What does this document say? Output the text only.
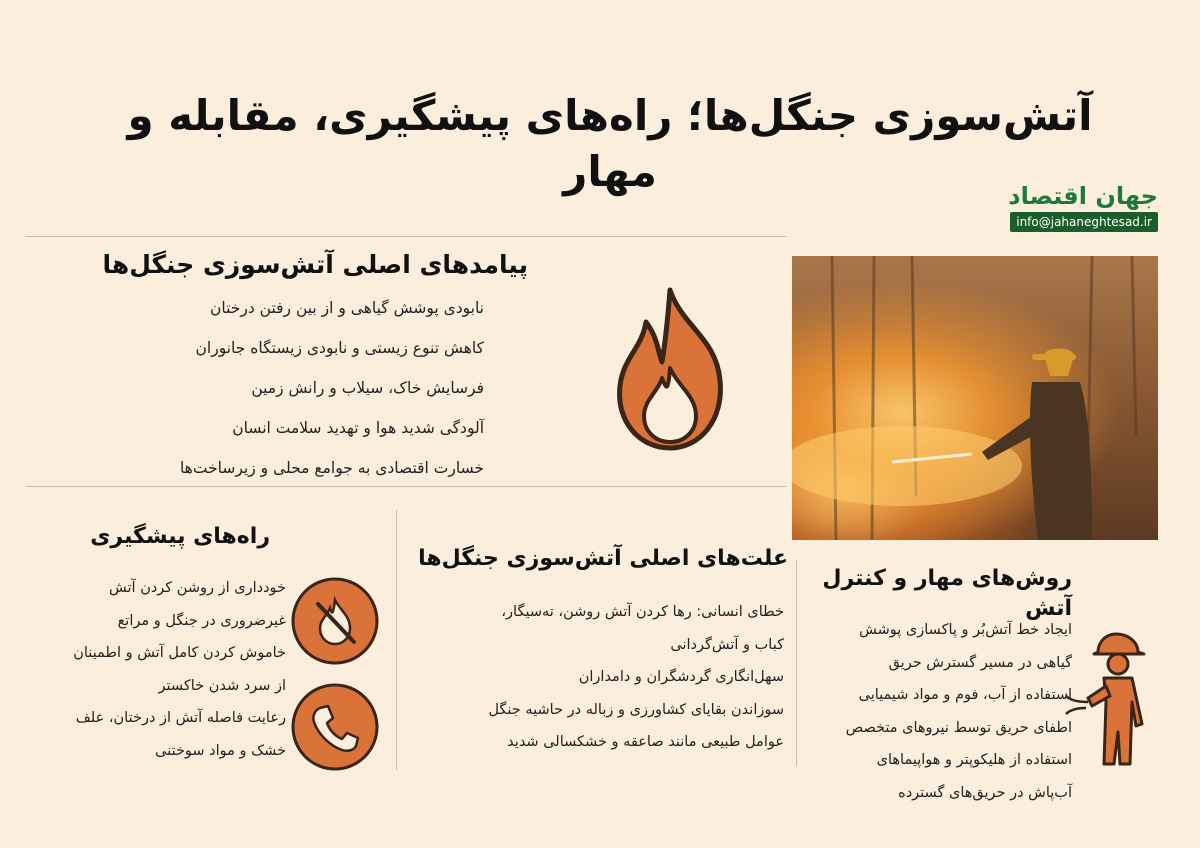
آتش‌سوزی جنگل‌ها؛ راه‌های پیشگیری، مقابله و مهار	جهان اقتصاد
info@jahaneghtesad.ir
پیامدهای اصلی آتش‌سوزی جنگل‌ها
نابودی پوشش گیاهی و از بین رفتن درختان
کاهش تنوع زیستی و نابودی زیستگاه جانوران
فرسایش خاک، سیلاب و رانش زمین
آلودگی شدید هوا و تهدید سلامت انسان
خسارت اقتصادی به جوامع محلی و زیرساخت‌ها
راه‌های پیشگیری
خودداری از روشن کردن آتش
غیرضروری در جنگل و مراتع
خاموش کردن کامل آتش و اطمینان
از سرد شدن خاکستر
رعایت فاصله آتش از درختان، علف
خشک و مواد سوختنی
علت‌های اصلی آتش‌سوزی جنگل‌ها
خطای انسانی: رها کردن آتش روشن، ته‌سیگار،
کباب و آتش‌گردانی
سهل‌انگاری گردشگران و دامداران
سوزاندن بقایای کشاورزی و زباله در حاشیه جنگل
عوامل طبیعی مانند صاعقه و خشکسالی شدید
روش‌های مهار و کنترل آتش
ایجاد خط آتش‌بُر و پاکسازی پوشش
گیاهی در مسیر گسترش حریق
استفاده از آب، فوم و مواد شیمیایی
اطفای حریق توسط نیروهای متخصص
استفاده از هلیکوپتر و هواپیماهای
آب‌پاش در حریق‌های گسترده
